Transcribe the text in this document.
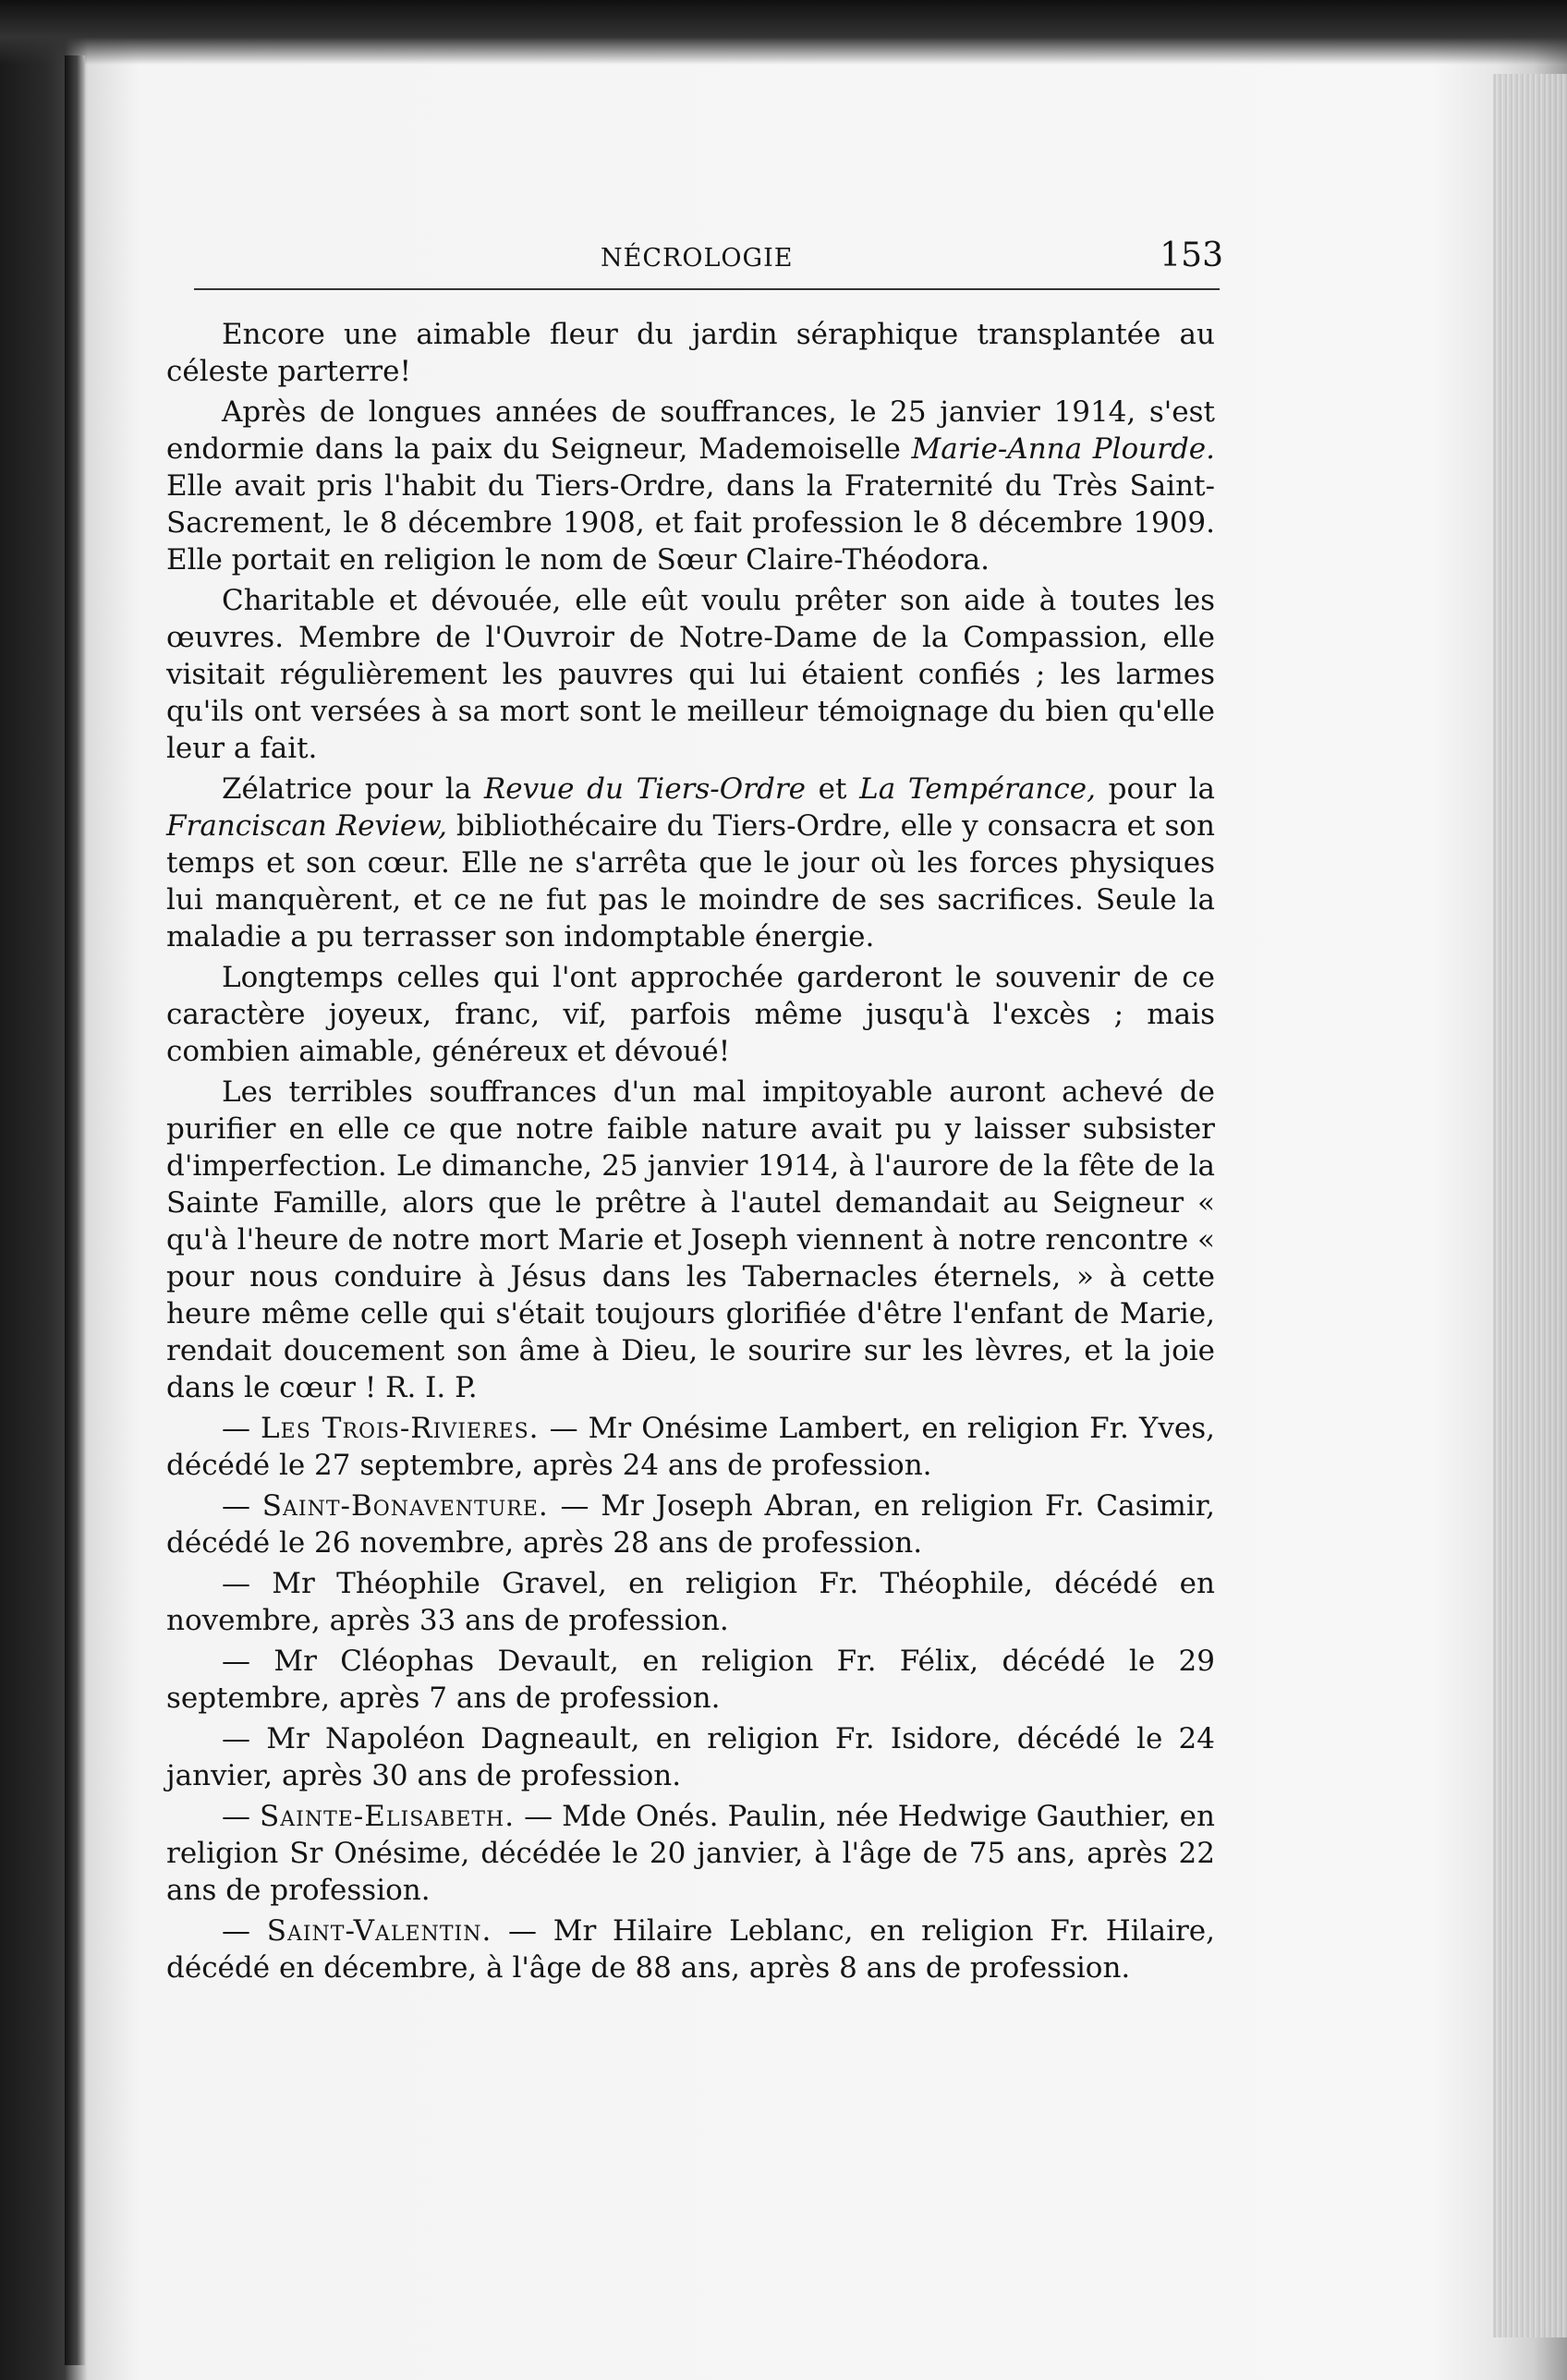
NÉCROLOGIE	153

Encore une aimable fleur du jardin séraphique transplantée au céleste parterre!

Après de longues années de souffrances, le 25 janvier 1914, s'est endormie dans la paix du Seigneur, Mademoiselle Marie-Anna Plourde. Elle avait pris l'habit du Tiers-Ordre, dans la Fraternité du Très Saint-Sacrement, le 8 décembre 1908, et fait profession le 8 décembre 1909. Elle portait en religion le nom de Sœur Claire-Théodora.

Charitable et dévouée, elle eût voulu prêter son aide à toutes les œuvres. Membre de l'Ouvroir de Notre-Dame de la Compassion, elle visitait régulièrement les pauvres qui lui étaient confiés ; les larmes qu'ils ont versées à sa mort sont le meilleur témoignage du bien qu'elle leur a fait.

Zélatrice pour la Revue du Tiers-Ordre et La Tempérance, pour la Franciscan Review, bibliothécaire du Tiers-Ordre, elle y consacra et son temps et son cœur. Elle ne s'arrêta que le jour où les forces physiques lui manquèrent, et ce ne fut pas le moindre de ses sacrifices. Seule la maladie a pu terrasser son indomptable énergie.

Longtemps celles qui l'ont approchée garderont le souvenir de ce caractère joyeux, franc, vif, parfois même jusqu'à l'excès ; mais combien aimable, généreux et dévoué!

Les terribles souffrances d'un mal impitoyable auront achevé de purifier en elle ce que notre faible nature avait pu y laisser subsister d'imperfection. Le dimanche, 25 janvier 1914, à l'aurore de la fête de la Sainte Famille, alors que le prêtre à l'autel demandait au Seigneur « qu'à l'heure de notre mort Marie et Joseph viennent à notre rencontre « pour nous conduire à Jésus dans les Tabernacles éternels, » à cette heure même celle qui s'était toujours glorifiée d'être l'enfant de Marie, rendait doucement son âme à Dieu, le sourire sur les lèvres, et la joie dans le cœur ! R. I. P.

— Les Trois-Rivieres. — Mr Onésime Lambert, en religion Fr. Yves, décédé le 27 septembre, après 24 ans de profession.

— Saint-Bonaventure. — Mr Joseph Abran, en religion Fr. Casimir, décédé le 26 novembre, après 28 ans de profession.

— Mr Théophile Gravel, en religion Fr. Théophile, décédé en novembre, après 33 ans de profession.

— Mr Cléophas Devault, en religion Fr. Félix, décédé le 29 septembre, après 7 ans de profession.

— Mr Napoléon Dagneault, en religion Fr. Isidore, décédé le 24 janvier, après 30 ans de profession.

— Sainte-Elisabeth. — Mde Onés. Paulin, née Hedwige Gauthier, en religion Sr Onésime, décédée le 20 janvier, à l'âge de 75 ans, après 22 ans de profession.

— Saint-Valentin. — Mr Hilaire Leblanc, en religion Fr. Hilaire, décédé en décembre, à l'âge de 88 ans, après 8 ans de profession.
